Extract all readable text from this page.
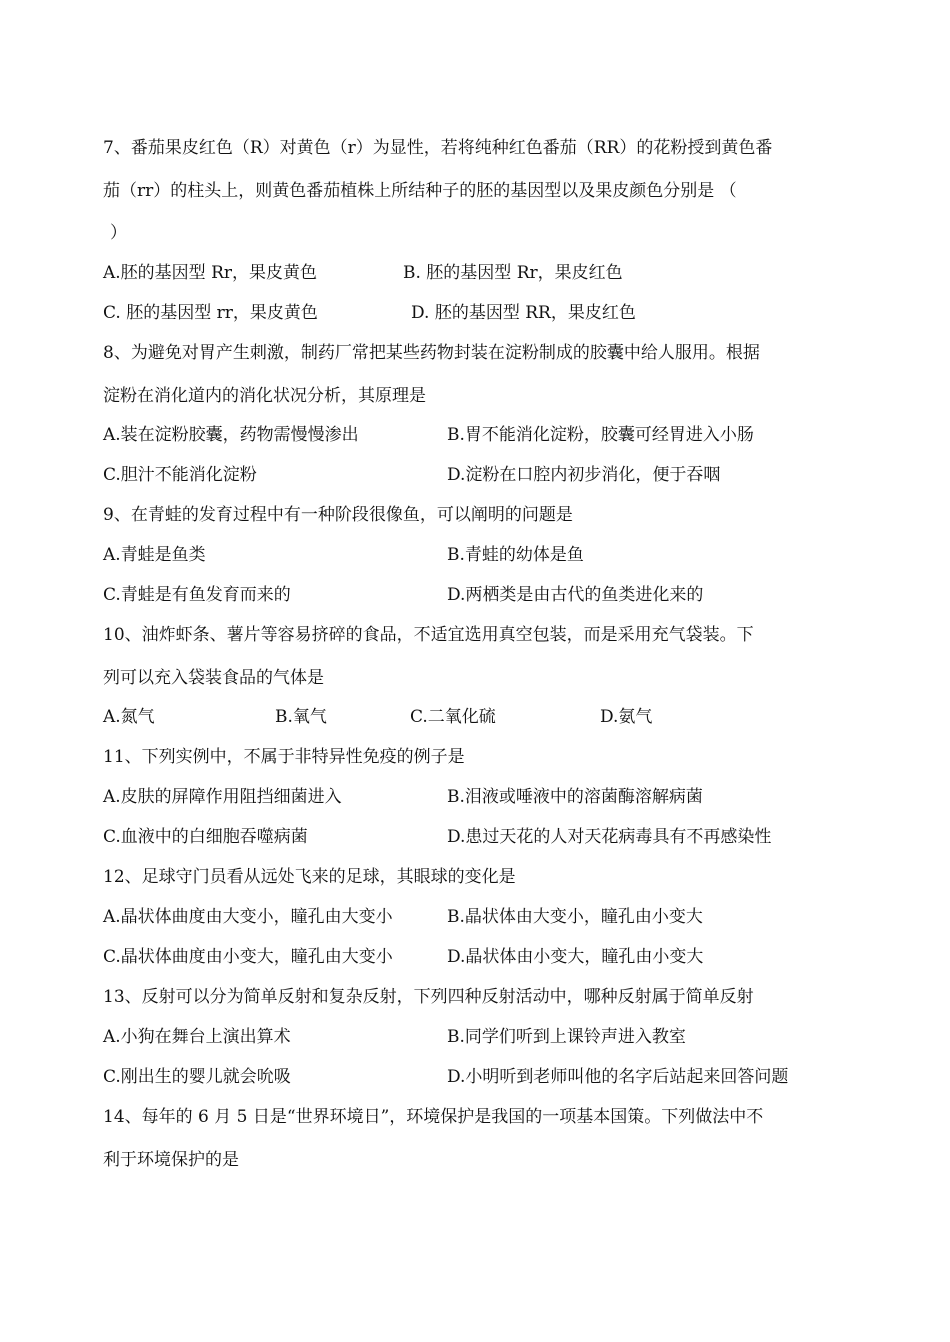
7、番茄果皮红色（R）对黄色（r）为显性，若将纯种红色番茄（RR）的花粉授到黄色番
茄（rr）的柱头上，则黄色番茄植株上所结种子的胚的基因型以及果皮颜色分别是 （
）
A.胚的基因型 Rr，果皮黄色	B. 胚的基因型 Rr，果皮红色
C. 胚的基因型 rr，果皮黄色	D. 胚的基因型 RR，果皮红色
8、为避免对胃产生刺激，制药厂常把某些药物封装在淀粉制成的胶囊中给人服用。根据
淀粉在消化道内的消化状况分析，其原理是
A.装在淀粉胶囊，药物需慢慢渗出	B.胃不能消化淀粉，胶囊可经胃进入小肠
C.胆汁不能消化淀粉	D.淀粉在口腔内初步消化，便于吞咽
9、在青蛙的发育过程中有一种阶段很像鱼，可以阐明的问题是
A.青蛙是鱼类	B.青蛙的幼体是鱼
C.青蛙是有鱼发育而来的	D.两栖类是由古代的鱼类进化来的
10、油炸虾条、薯片等容易挤碎的食品，不适宜选用真空包装，而是采用充气袋装。下
列可以充入袋装食品的气体是
A.氮气	B.氧气	C.二氧化硫	D.氨气
11、下列实例中，不属于非特异性免疫的例子是
A.皮肤的屏障作用阻挡细菌进入	B.泪液或唾液中的溶菌酶溶解病菌
C.血液中的白细胞吞噬病菌	D.患过天花的人对天花病毒具有不再感染性
12、足球守门员看从远处飞来的足球，其眼球的变化是
A.晶状体曲度由大变小，瞳孔由大变小	B.晶状体由大变小，瞳孔由小变大
C.晶状体曲度由小变大，瞳孔由大变小	D.晶状体由小变大，瞳孔由小变大
13、反射可以分为简单反射和复杂反射，下列四种反射活动中，哪种反射属于简单反射
A.小狗在舞台上演出算术	B.同学们听到上课铃声进入教室
C.刚出生的婴儿就会吮吸	D.小明听到老师叫他的名字后站起来回答问题
14、每年的 6 月 5 日是“世界环境日”，环境保护是我国的一项基本国策。下列做法中不
利于环境保护的是
